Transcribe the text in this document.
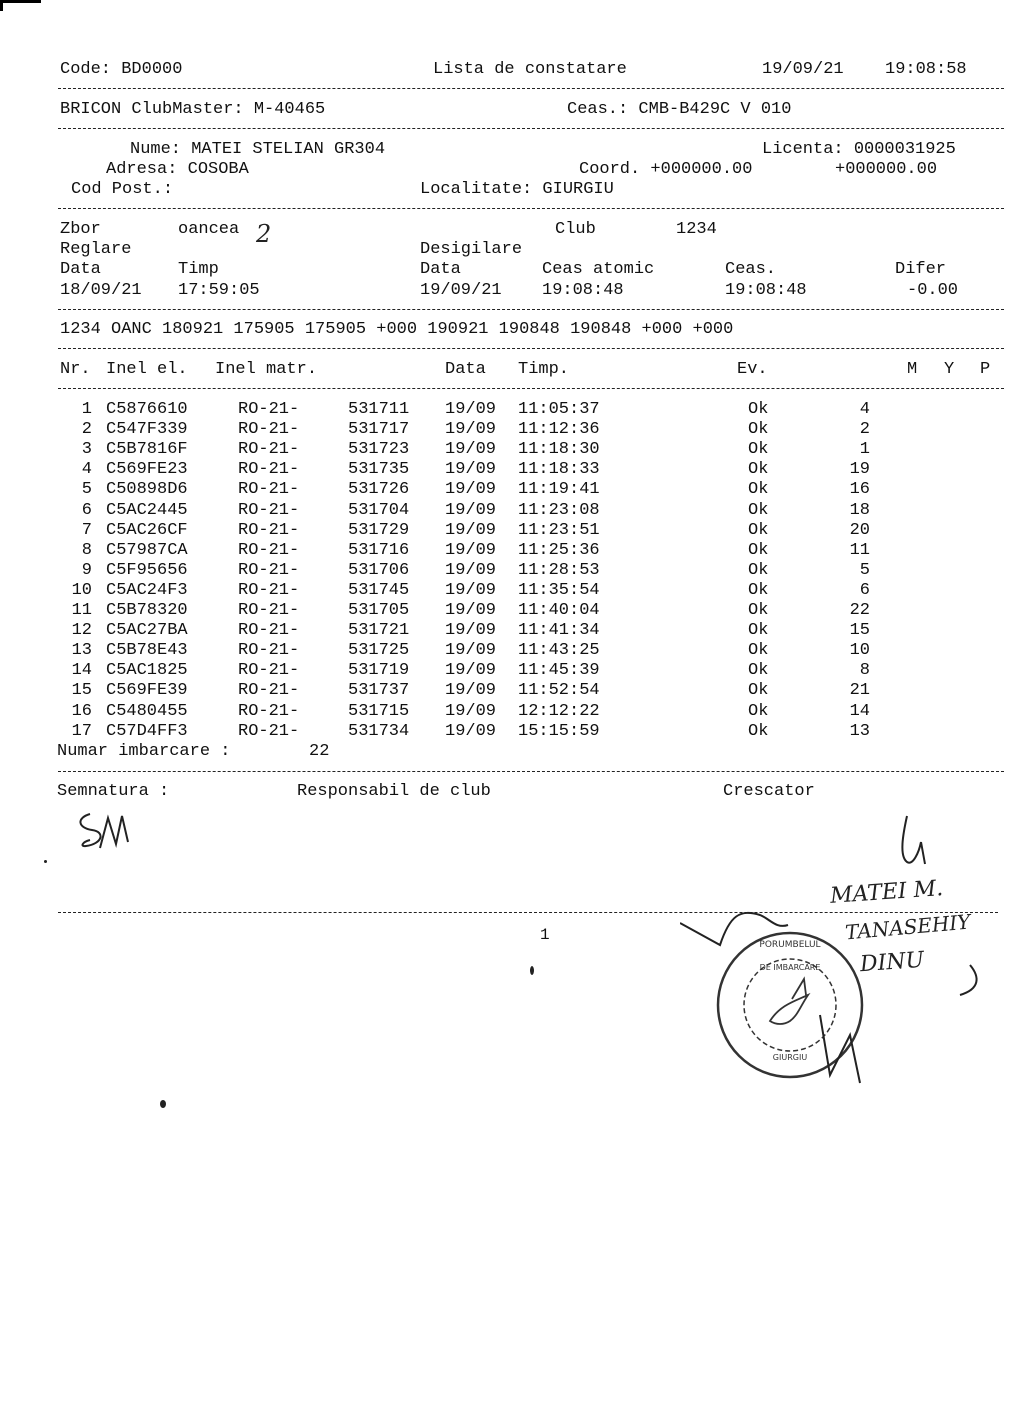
Code: BD0000	Lista de constatare	19/09/21 19:08:58
BRICON ClubMaster: M-40465	Ceas.: CMB-B429C V 010
Nume: MATEI STELIAN GR304	Licenta: 0000031925
Adresa: COSOBA	Coord. +000000.00	+000000.00
Cod Post.:	Localitate: GIURGIU
Zbor	oancea 2	Club	1234
Reglare	Desigilare
Data	Timp	Data	Ceas atomic	Ceas.	Difer
18/09/21 17:59:05	19/09/21 19:08:48	19:08:48	-0.00
1234 OANC 180921 175905 175905 +000 190921 190848 190848 +000 +000
Nr. Inel el. Inel matr.	Data Timp.	Ev.	M Y P
1 C5876610	RO-21-	531711 19/09 11:05:37	Ok	4
2 C547F339	RO-21-	531717 19/09 11:12:36	Ok	2
3 C5B7816F	RO-21-	531723 19/09 11:18:30	Ok	1
4 C569FE23	RO-21-	531735 19/09 11:18:33	Ok	19
5 C50898D6	RO-21-	531726 19/09 11:19:41	Ok	16
6 C5AC2445	RO-21-	531704 19/09 11:23:08	Ok	18
7 C5AC26CF	RO-21-	531729 19/09 11:23:51	Ok	20
8 C57987CA	RO-21-	531716 19/09 11:25:36	Ok	11
9 C5F95656	RO-21-	531706 19/09 11:28:53	Ok	5
10 C5AC24F3	RO-21-	531745 19/09 11:35:54	Ok	6
11 C5B78320	RO-21-	531705 19/09 11:40:04	Ok	22
12 C5AC27BA	RO-21-	531721 19/09 11:41:34	Ok	15
13 C5B78E43	RO-21-	531725 19/09 11:43:25	Ok	10
14 C5AC1825	RO-21-	531719 19/09 11:45:39	Ok	8
15 C569FE39	RO-21-	531737 19/09 11:52:54	Ok	21
16 C5480455	RO-21-	531715 19/09 12:12:22	Ok	14
17 C57D4FF3	RO-21-	531734 19/09 15:15:59	Ok	13
Numar imbarcare :	22
Semnatura :	Responsabil de club	Crescator
1
PORUMBELUL
DE IMBARCARE
GIURGIU
MATEI M.
TANASEHIY
DINU
